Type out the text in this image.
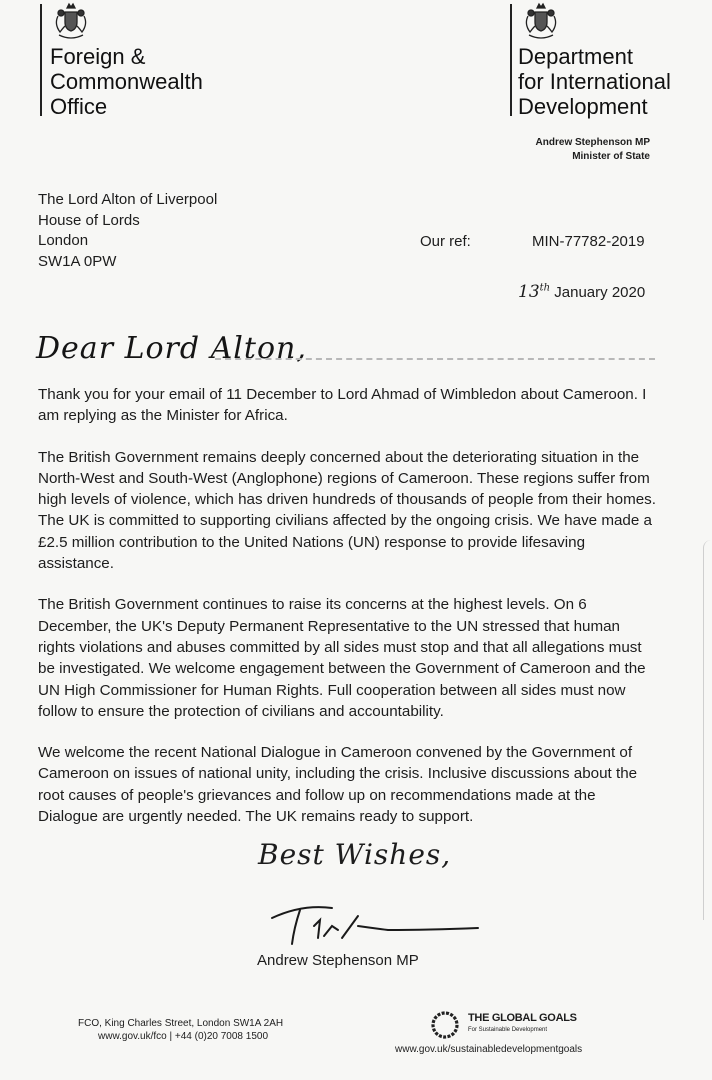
Foreign &
Commonwealth
Office
Department
for International
Development
Andrew Stephenson MP
Minister of State
The Lord Alton of Liverpool
House of Lords
London
SW1A 0PW
Our ref:	MIN-77782-2019
13th January 2020
Dear Lord Alton,

Thank you for your email of 11 December to Lord Ahmad of Wimbledon about Cameroon. I am replying as the Minister for Africa.

The British Government remains deeply concerned about the deteriorating situation in the North-West and South-West (Anglophone) regions of Cameroon. These regions suffer from high levels of violence, which has driven hundreds of thousands of people from their homes. The UK is committed to supporting civilians affected by the ongoing crisis. We have made a £2.5 million contribution to the United Nations (UN) response to provide lifesaving assistance.

The British Government continues to raise its concerns at the highest levels. On 6 December, the UK's Deputy Permanent Representative to the UN stressed that human rights violations and abuses committed by all sides must stop and that all allegations must be investigated. We welcome engagement between the Government of Cameroon and the UN High Commissioner for Human Rights. Full cooperation between all sides must now follow to ensure the protection of civilians and accountability.

We welcome the recent National Dialogue in Cameroon convened by the Government of Cameroon on issues of national unity, including the crisis. Inclusive discussions about the root causes of people's grievances and follow up on recommendations made at the Dialogue are urgently needed. The UK remains ready to support.

Best Wishes,
Andrew Stephenson MP
FCO, King Charles Street, London SW1A 2AH
www.gov.uk/fco | +44 (0)20 7008 1500
THE GLOBAL GOALS
For Sustainable Development
www.gov.uk/sustainabledevelopmentgoals
